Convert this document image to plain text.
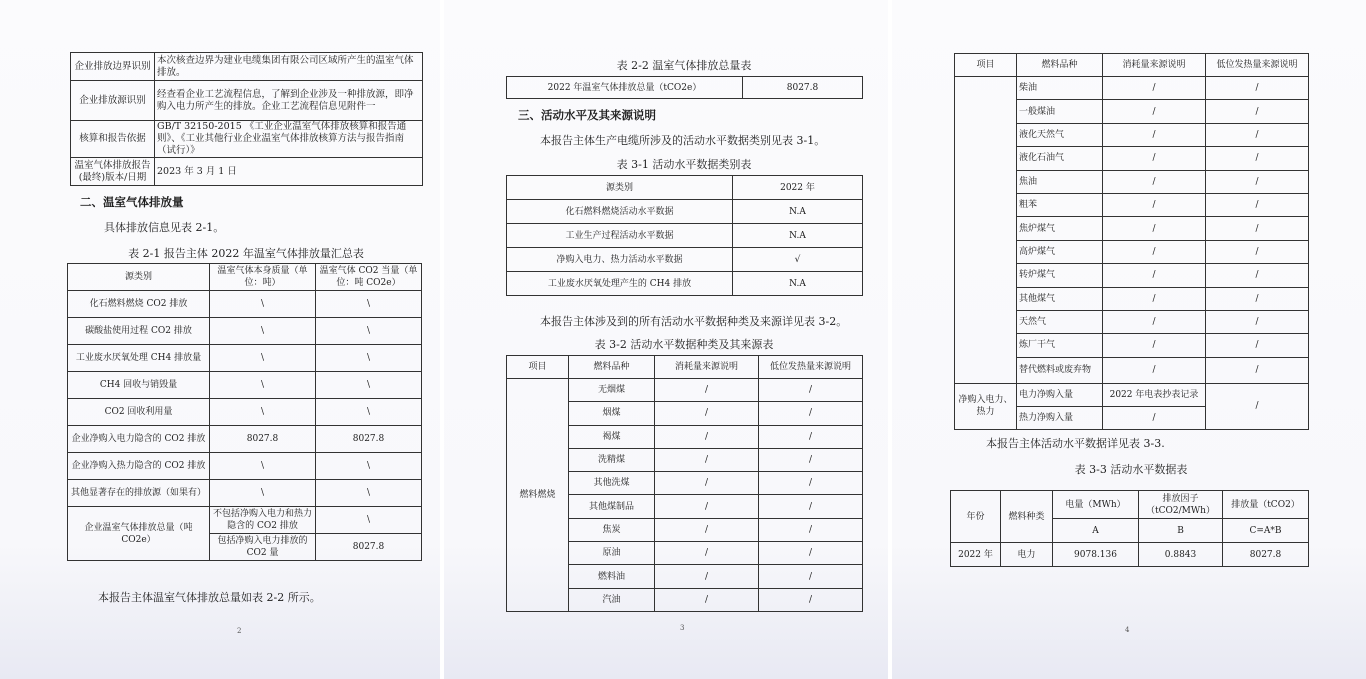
企业排放边界识别	本次核查边界为建业电缆集团有限公司区域所产生的温室气体排放。
企业排放源识别	经查看企业工艺流程信息，了解到企业涉及一种排放源，即净购入电力所产生的排放。企业工艺流程信息见附件一
核算和报告依据	GB/T 32150-2015 《工业企业温室气体排放核算和报告通则》、《工业其他行业企业温室气体排放核算方法与报告指南（试行）》
温室气体排放报告(最终)版本/日期	2023 年 3 月 1 日
二、温室气体排放量
具体排放信息见表 2-1。
表 2-1 报告主体 2022 年温室气体排放量汇总表
源类别	温室气体本身质量（单位：吨）	温室气体 CO2 当量（单位：吨 CO2e）
化石燃料燃烧 CO2 排放	\	\
碳酸盐使用过程 CO2 排放	\	\
工业废水厌氧处理 CH4 排放量	\	\
CH4 回收与销毁量	\	\
CO2 回收利用量	\	\
企业净购入电力隐含的 CO2 排放	8027.8	8027.8
企业净购入热力隐含的 CO2 排放	\	\
其他显著存在的排放源（如果有）	\	\
企业温室气体排放总量（吨 CO2e）	不包括净购入电力和热力隐含的 CO2 排放	\
	包括净购入电力排放的 CO2 量	8027.8
本报告主体温室气体排放总量如表 2-2 所示。
2
表 2-2 温室气体排放总量表
2022 年温室气体排放总量（tCO2e）	8027.8
三、活动水平及其来源说明
本报告主体生产电缆所涉及的活动水平数据类别见表 3-1。
表 3-1 活动水平数据类别表
源类别	2022 年
化石燃料燃烧活动水平数据	N.A
工业生产过程活动水平数据	N.A
净购入电力、热力活动水平数据	√
工业废水厌氧处理产生的 CH4 排放	N.A
本报告主体涉及到的所有活动水平数据种类及来源详见表 3-2。
表 3-2 活动水平数据种类及其来源表
项目	燃料品种	消耗量来源说明	低位发热量来源说明
燃料燃烧	无烟煤	/	/
	烟煤	/	/
	褐煤	/	/
	洗精煤	/	/
	其他洗煤	/	/
	其他煤制品	/	/
	焦炭	/	/
	原油	/	/
	燃料油	/	/
	汽油	/	/
3
项目	燃料品种	消耗量来源说明	低位发热量来源说明
	柴油	/	/
	一般煤油	/	/
	液化天然气	/	/
	液化石油气	/	/
	焦油	/	/
	粗苯	/	/
	焦炉煤气	/	/
	高炉煤气	/	/
	转炉煤气	/	/
	其他煤气	/	/
	天然气	/	/
	炼厂干气	/	/
	替代燃料或废弃物	/	/
净购入电力、热力	电力净购入量	2022 年电表抄表记录	/
	热力净购入量	/	
本报告主体活动水平数据详见表 3-3.
表 3-3 活动水平数据表
年份	燃料种类	电量（MWh）	排放因子（tCO2/MWh）	排放量（tCO2）
		A	B	C=A*B
2022 年	电力	9078.136	0.8843	8027.8
4
